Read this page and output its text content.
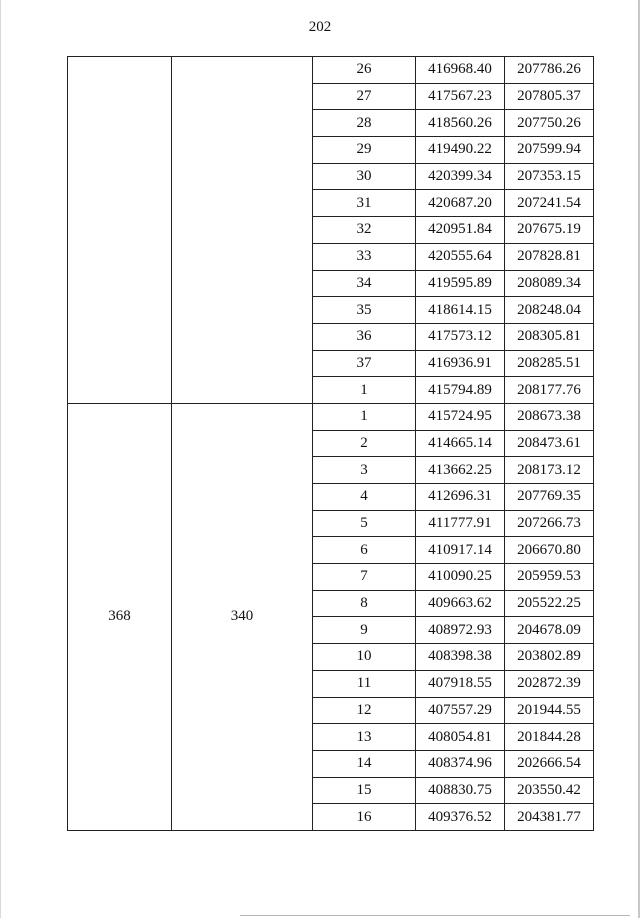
202
		26	416968.40	207786.26
		27	417567.23	207805.37
		28	418560.26	207750.26
		29	419490.22	207599.94
		30	420399.34	207353.15
		31	420687.20	207241.54
		32	420951.84	207675.19
		33	420555.64	207828.81
		34	419595.89	208089.34
		35	418614.15	208248.04
		36	417573.12	208305.81
		37	416936.91	208285.51
		1	415794.89	208177.76
368	340	1	415724.95	208673.38
		2	414665.14	208473.61
		3	413662.25	208173.12
		4	412696.31	207769.35
		5	411777.91	207266.73
		6	410917.14	206670.80
		7	410090.25	205959.53
		8	409663.62	205522.25
		9	408972.93	204678.09
		10	408398.38	203802.89
		11	407918.55	202872.39
		12	407557.29	201944.55
		13	408054.81	201844.28
		14	408374.96	202666.54
		15	408830.75	203550.42
		16	409376.52	204381.77
